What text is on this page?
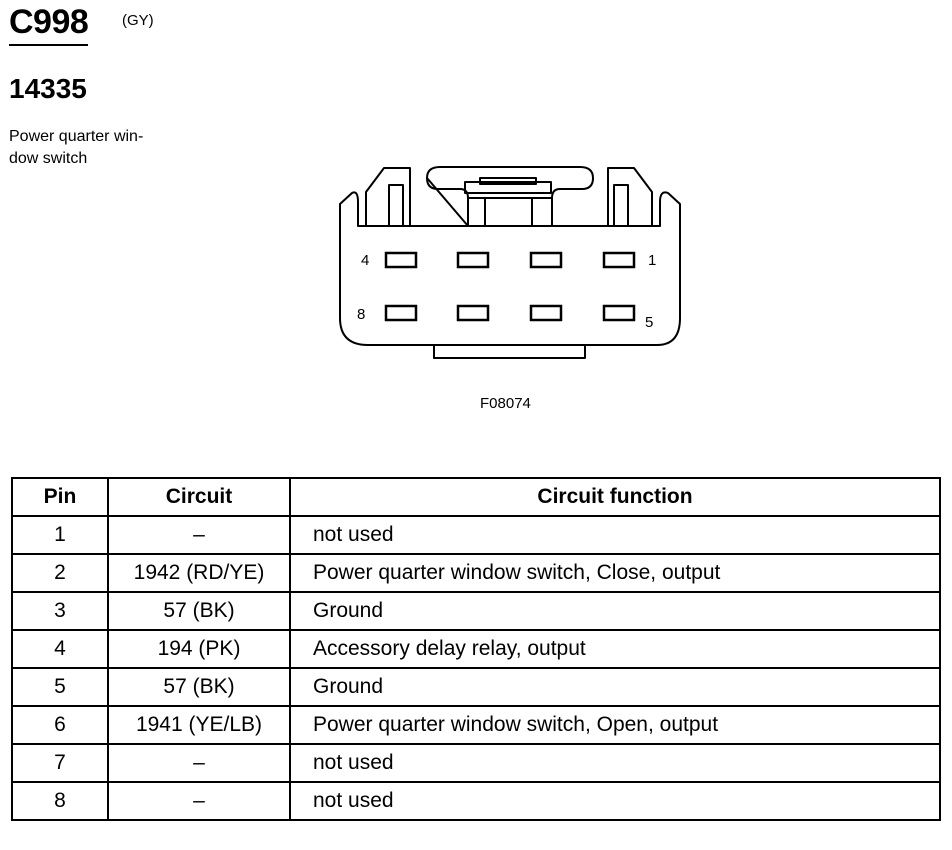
C998 (GY)
14335
Power quarter win-
dow switch
4	1
8	5
F08074
Pin	Circuit	Circuit function
1	–	not used
2	1942 (RD/YE)	Power quarter window switch, Close, output
3	57 (BK)	Ground
4	194 (PK)	Accessory delay relay, output
5	57 (BK)	Ground
6	1941 (YE/LB)	Power quarter window switch, Open, output
7	–	not used
8	–	not used
